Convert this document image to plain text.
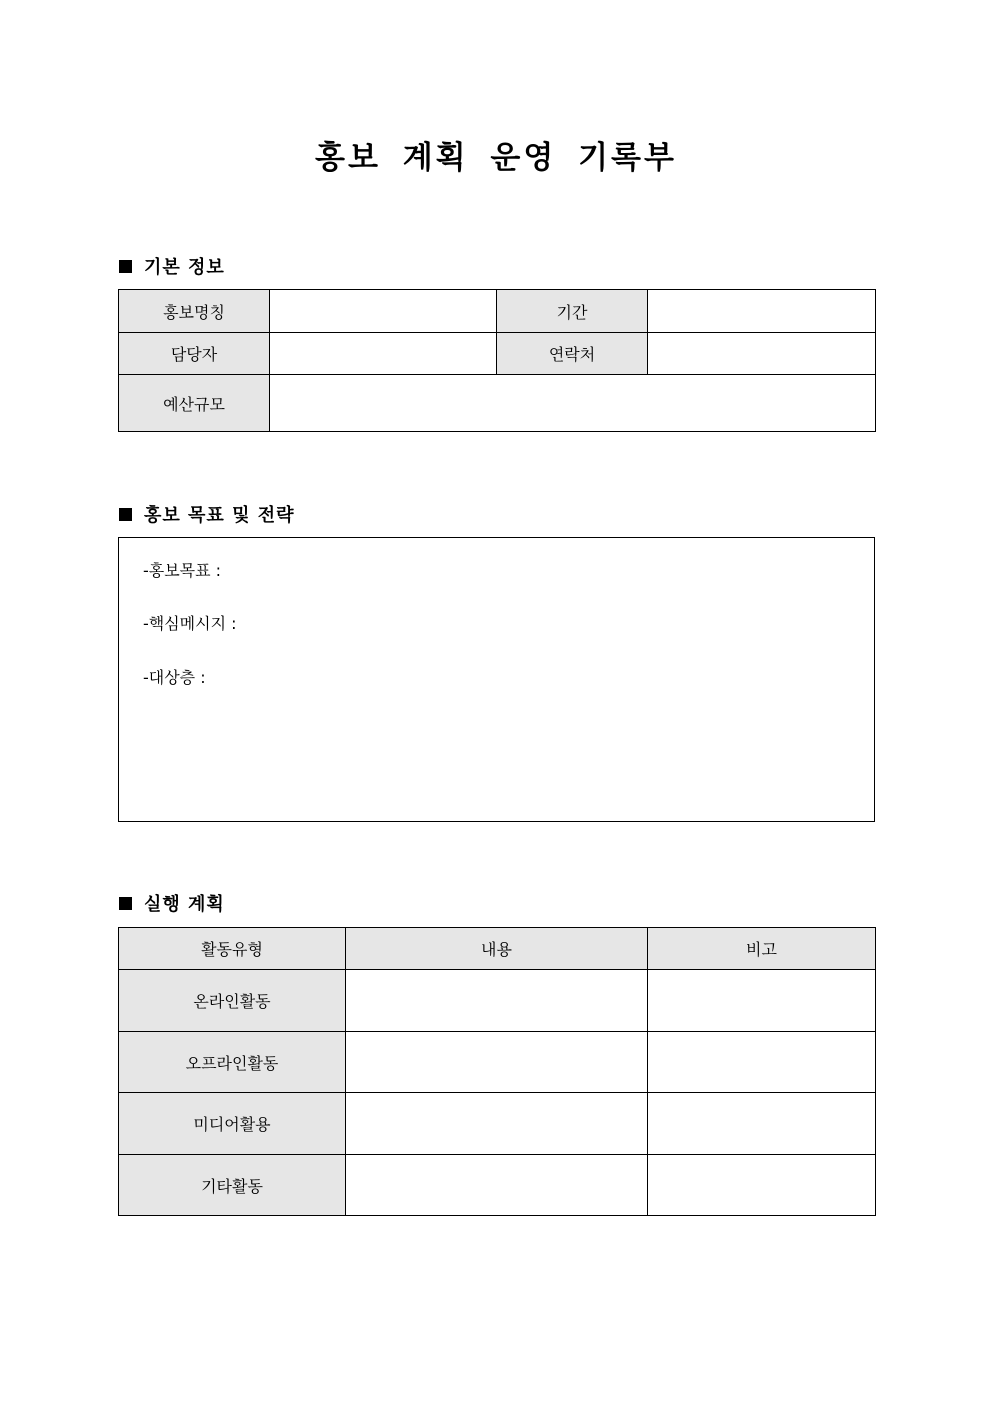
홍보 계획 운영 기록부
기본 정보
홍보명칭		기간	
담당자		연락처	
예산규모			
홍보 목표 및 전략
-홍보목표 :
-핵심메시지 :
-대상층 :
실행 계획
활동유형	내용	비고
온라인활동		
오프라인활동		
미디어활용		
기타활동		
